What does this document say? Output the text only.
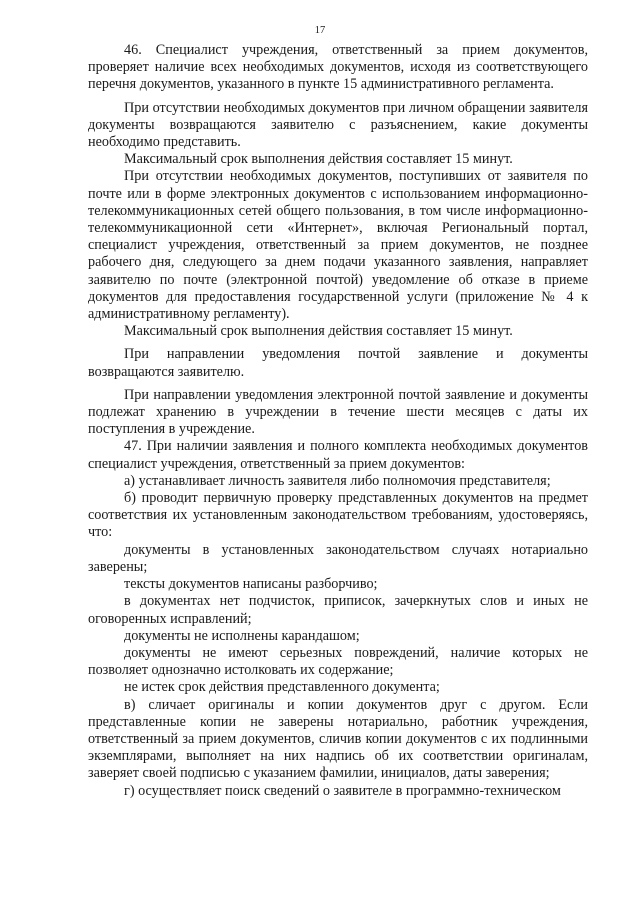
17

46. Специалист учреждения, ответственный за прием документов, проверяет наличие всех необходимых документов, исходя из соответствующего перечня документов, указанного в пункте 15 административного регламента.

При отсутствии необходимых документов при личном обращении заявителя документы возвращаются заявителю с разъяснением, какие документы необходимо представить.

Максимальный срок выполнения действия составляет 15 минут.

При отсутствии необходимых документов, поступивших от заявителя по почте или в форме электронных документов с использованием информационно-телекоммуникационных сетей общего пользования, в том числе информационно-телекоммуникационной сети «Интернет», включая Региональный портал, специалист учреждения, ответственный за прием документов, не позднее рабочего дня, следующего за днем подачи указанного заявления, направляет заявителю по почте (электронной почтой) уведомление об отказе в приеме документов для предоставления государственной услуги (приложение № 4 к административному регламенту).

Максимальный срок выполнения действия составляет 15 минут.

При направлении уведомления почтой заявление и документы возвращаются заявителю.

При направлении уведомления электронной почтой заявление и документы подлежат хранению в учреждении в течение шести месяцев с даты их поступления в учреждение.

47. При наличии заявления и полного комплекта необходимых документов специалист учреждения, ответственный за прием документов:

а) устанавливает личность заявителя либо полномочия представителя;

б) проводит первичную проверку представленных документов на предмет соответствия их установленным законодательством требованиям, удостоверяясь, что:

документы в установленных законодательством случаях нотариально заверены;

тексты документов написаны разборчиво;

в документах нет подчисток, приписок, зачеркнутых слов и иных не оговоренных исправлений;

документы не исполнены карандашом;

документы не имеют серьезных повреждений, наличие которых не позволяет однозначно истолковать их содержание;

не истек срок действия представленного документа;

в) сличает оригиналы и копии документов друг с другом. Если представленные копии не заверены нотариально, работник учреждения, ответственный за прием документов, сличив копии документов с их подлинными экземплярами, выполняет на них надпись об их соответствии оригиналам, заверяет своей подписью с указанием фамилии, инициалов, даты заверения;

г) осуществляет поиск сведений о заявителе в программно-техническом
